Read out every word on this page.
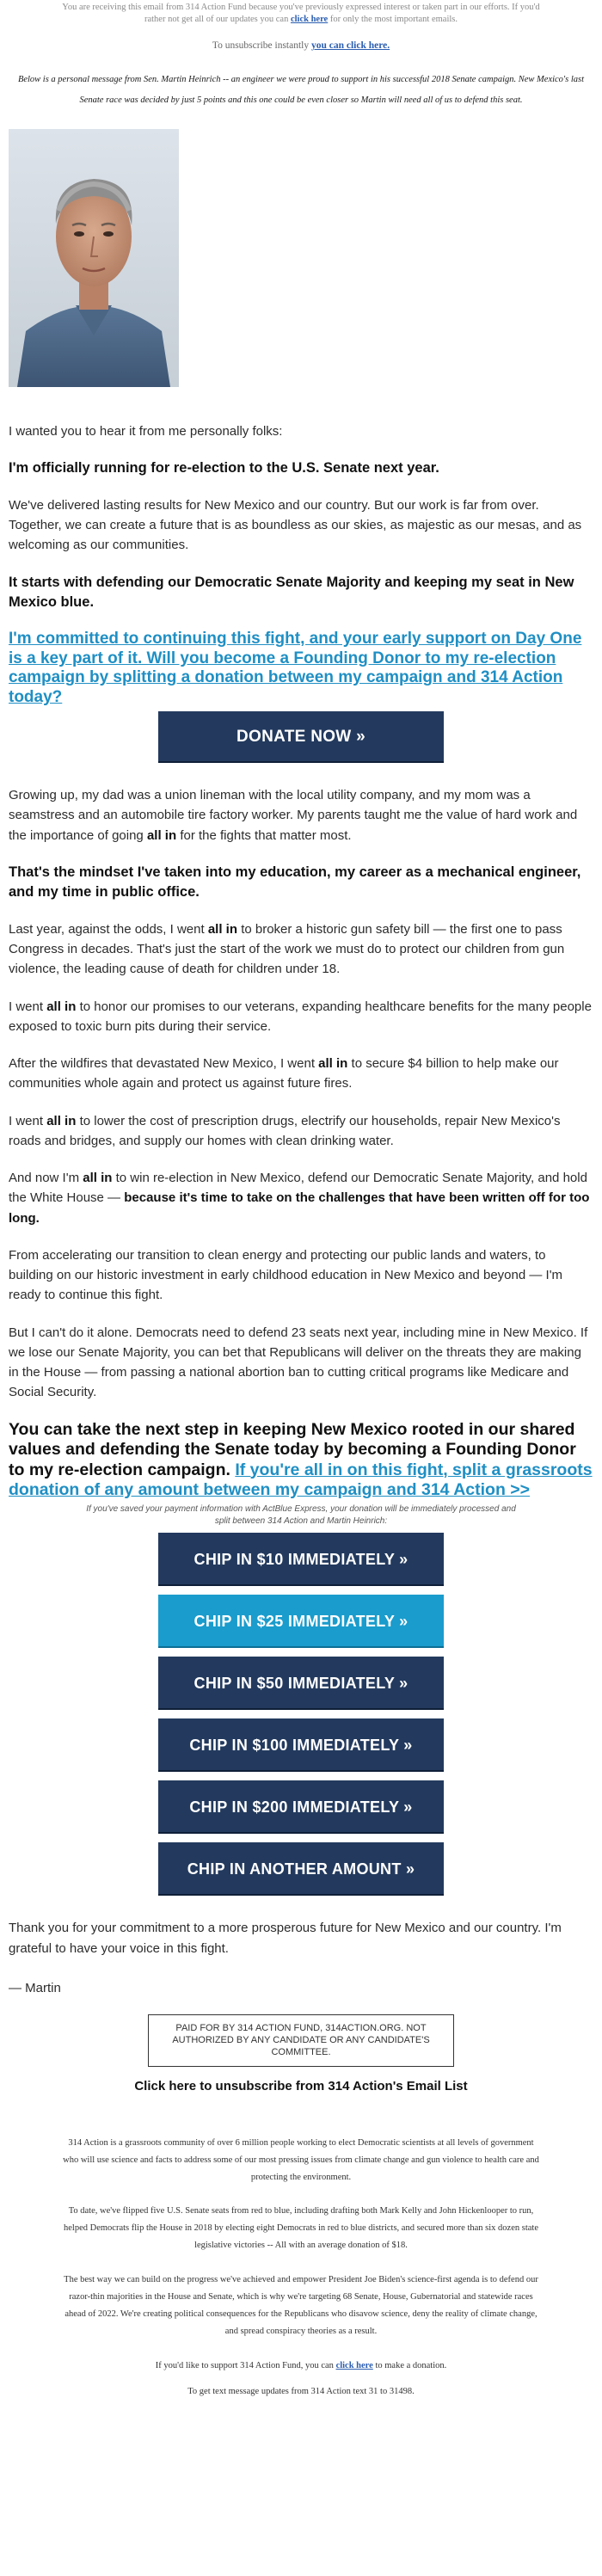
You are receiving this email from 314 Action Fund because you've previously expressed interest or taken part in our efforts. If you'd rather not get all of our updates you can click here for only the most important emails.
To unsubscribe instantly you can click here.
Below is a personal message from Sen. Martin Heinrich -- an engineer we were proud to support in his successful 2018 Senate campaign. New Mexico's last Senate race was decided by just 5 points and this one could be even closer so Martin will need all of us to defend this seat.

I wanted you to hear it from me personally folks:

I'm officially running for re-election to the U.S. Senate next year.

We've delivered lasting results for New Mexico and our country. But our work is far from over. Together, we can create a future that is as boundless as our skies, as majestic as our mesas, and as welcoming as our communities.

It starts with defending our Democratic Senate Majority and keeping my seat in New Mexico blue.
I'm committed to continuing this fight, and your early support on Day One is a key part of it. Will you become a Founding Donor to my re-election campaign by splitting a donation between my campaign and 314 Action today?
DONATE NOW »

Growing up, my dad was a union lineman with the local utility company, and my mom was a seamstress and an automobile tire factory worker. My parents taught me the value of hard work and the importance of going all in for the fights that matter most.

That's the mindset I've taken into my education, my career as a mechanical engineer, and my time in public office.

Last year, against the odds, I went all in to broker a historic gun safety bill — the first one to pass Congress in decades. That's just the start of the work we must do to protect our children from gun violence, the leading cause of death for children under 18.

I went all in to honor our promises to our veterans, expanding healthcare benefits for the many people exposed to toxic burn pits during their service.

After the wildfires that devastated New Mexico, I went all in to secure $4 billion to help make our communities whole again and protect us against future fires.

I went all in to lower the cost of prescription drugs, electrify our households, repair New Mexico's roads and bridges, and supply our homes with clean drinking water.

And now I'm all in to win re-election in New Mexico, defend our Democratic Senate Majority, and hold the White House — because it's time to take on the challenges that have been written off for too long.

From accelerating our transition to clean energy and protecting our public lands and waters, to building on our historic investment in early childhood education in New Mexico and beyond — I'm ready to continue this fight.

But I can't do it alone. Democrats need to defend 23 seats next year, including mine in New Mexico. If we lose our Senate Majority, you can bet that Republicans will deliver on the threats they are making in the House — from passing a national abortion ban to cutting critical programs like Medicare and Social Security.

You can take the next step in keeping New Mexico rooted in our shared values and defending the Senate today by becoming a Founding Donor to my re-election campaign. If you're all in on this fight, split a grassroots donation of any amount between my campaign and 314 Action >>
If you've saved your payment information with ActBlue Express, your donation will be immediately processed and split between 314 Action and Martin Heinrich:
CHIP IN $10 IMMEDIATELY »
CHIP IN $25 IMMEDIATELY »
CHIP IN $50 IMMEDIATELY »
CHIP IN $100 IMMEDIATELY »
CHIP IN $200 IMMEDIATELY »
CHIP IN ANOTHER AMOUNT »

Thank you for your commitment to a more prosperous future for New Mexico and our country. I'm grateful to have your voice in this fight.

— Martin

PAID FOR BY 314 ACTION FUND, 314ACTION.ORG. NOT AUTHORIZED BY ANY CANDIDATE OR ANY CANDIDATE'S COMMITTEE.
Click here to unsubscribe from 314 Action's Email List

314 Action is a grassroots community of over 6 million people working to elect Democratic scientists at all levels of government who will use science and facts to address some of our most pressing issues from climate change and gun violence to health care and protecting the environment.

To date, we've flipped five U.S. Senate seats from red to blue, including drafting both Mark Kelly and John Hickenlooper to run, helped Democrats flip the House in 2018 by electing eight Democrats in red to blue districts, and secured more than six dozen state legislative victories -- All with an average donation of $18.

The best way we can build on the progress we've achieved and empower President Joe Biden's science-first agenda is to defend our razor-thin majorities in the House and Senate, which is why we're targeting 68 Senate, House, Gubernatorial and statewide races ahead of 2022. We're creating political consequences for the Republicans who disavow science, deny the reality of climate change, and spread conspiracy theories as a result.

If you'd like to support 314 Action Fund, you can click here to make a donation.

To get text message updates from 314 Action text 31 to 31498.
